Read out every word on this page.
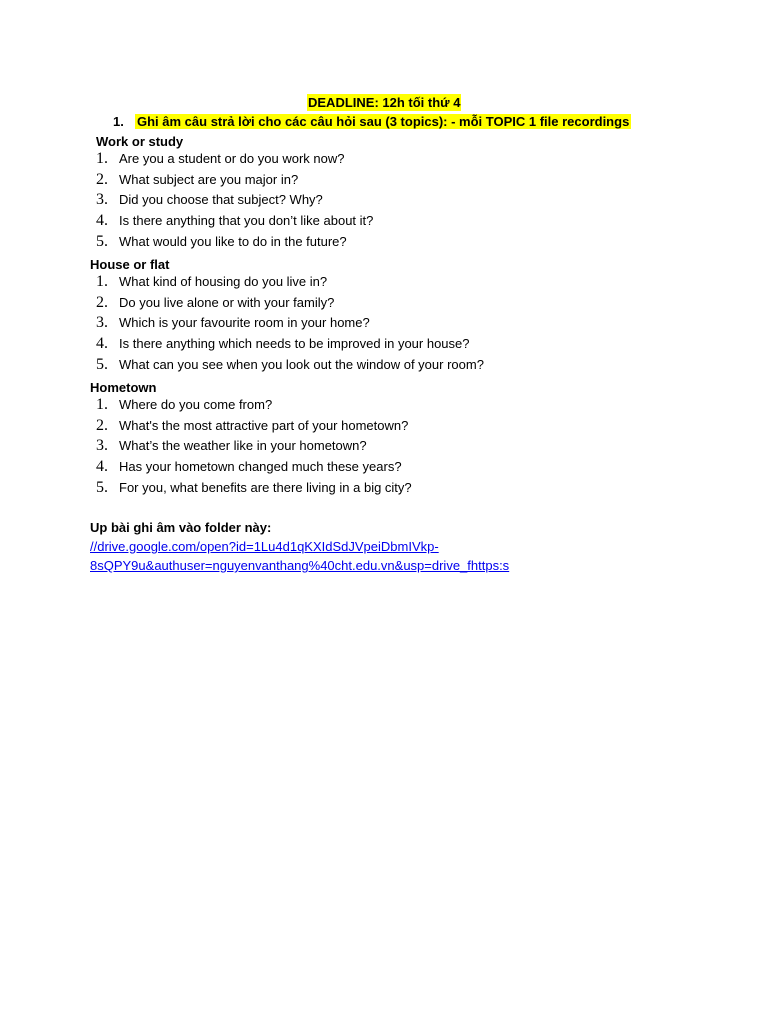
DEADLINE: 12h tối thứ 4
1. Ghi âm câu strả lời cho các câu hỏi sau (3 topics): - mỗi TOPIC 1 file recordings
Work or study
1. Are you a student or do you work now?
2. What subject are you major in?
3. Did you choose that subject? Why?
4. Is there anything that you don’t like about it?
5. What would you like to do in the future?
House or flat
1. What kind of housing do you live in?
2. Do you live alone or with your family?
3. Which is your favourite room in your home?
4. Is there anything which needs to be improved in your house?
5. What can you see when you look out the window of your room?
Hometown
1. Where do you come from?
2. What's the most attractive part of your hometown?
3. What’s the weather like in your hometown?
4. Has your hometown changed much these years?
5. For you, what benefits are there living in a big city?
Up bài ghi âm vào folder này:
//drive.google.com/open?id=1Lu4d1qKXIdSdJVpeiDbmIVkp-
8sQPY9u&authuser=nguyenvanthang%40cht.edu.vn&usp=drive_fhttps:s
